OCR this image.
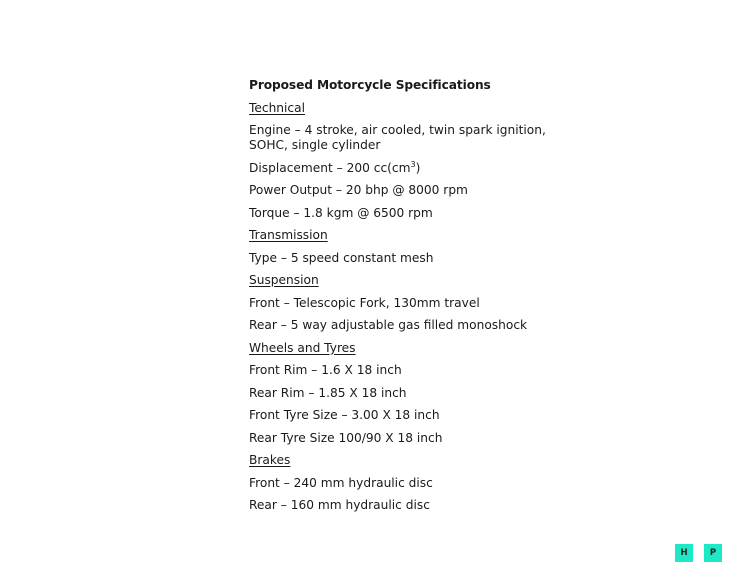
Proposed Motorcycle Specifications
Technical
Engine – 4 stroke, air cooled, twin spark ignition, SOHC, single cylinder
Displacement – 200 $cc(cm^3)$
Power Output – 20 bhp @ 8000 rpm
Torque – 1.8 kgm @ 6500 rpm
Transmission
Type – 5 speed constant mesh
Suspension
Front – Telescopic Fork, 130mm travel
Rear – 5 way adjustable gas filled monoshock
Wheels and Tyres
Front Rim – 1.6 X 18 inch
Rear Rim – 1.85 X 18 inch
Front Tyre Size – 3.00 X 18 inch
Rear Tyre Size 100/90 X 18 inch
Brakes
Front – 240 mm hydraulic disc
Rear – 160 mm hydraulic disc
H	P
